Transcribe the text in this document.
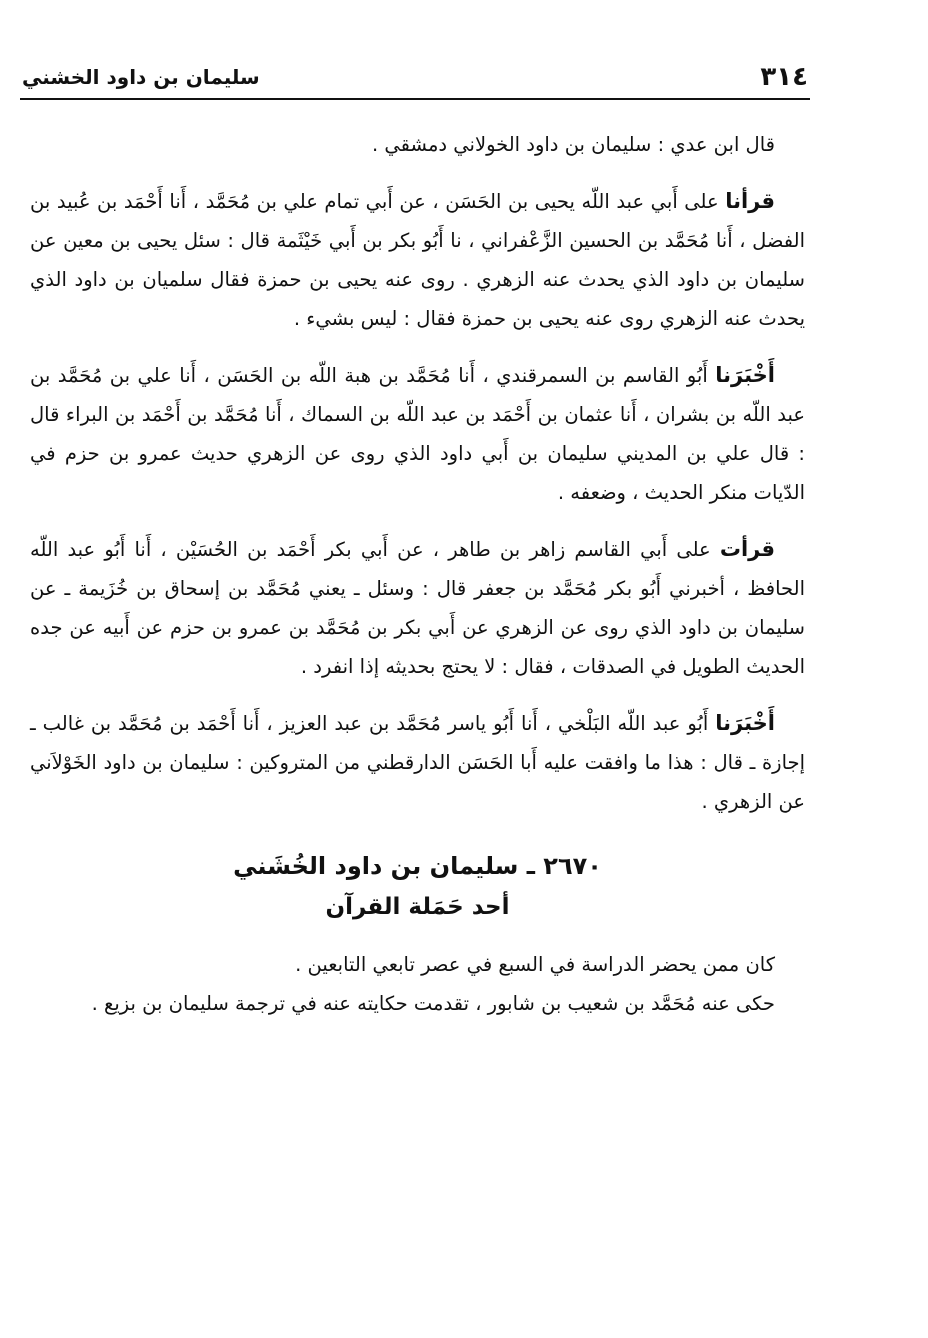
٣١٤
سليمان بن داود الخشني

قال ابن عدي : سليمان بن داود الخولاني دمشقي .

قرأنا على أَبي عبد اللّه يحيى بن الحَسَن ، عن أَبي تمام علي بن مُحَمَّد ، أَنا أَحْمَد بن عُبيد بن الفضل ، أَنا مُحَمَّد بن الحسين الزَّعْفراني ، نا أَبُو بكر بن أَبي خَيْثَمة قال : سئل يحيى بن معين عن سليمان بن داود الذي يحدث عنه الزهري . روى عنه يحيى بن حمزة فقال سلميان بن داود الذي يحدث عنه الزهري روى عنه يحيى بن حمزة فقال : ليس بشيء .

أَخْبَرَنا أَبُو القاسم بن السمرقندي ، أَنا مُحَمَّد بن هبة اللّه بن الحَسَن ، أَنا علي بن مُحَمَّد بن عبد اللّه بن بشران ، أَنا عثمان بن أَحْمَد بن عبد اللّه بن السماك ، أَنا مُحَمَّد بن أَحْمَد بن البراء قال : قال علي بن المديني سليمان بن أَبي داود الذي روى عن الزهري حديث عمرو بن حزم في الدّيات منكر الحديث ، وضعفه .

قرأت على أَبي القاسم زاهر بن طاهر ، عن أَبي بكر أَحْمَد بن الحُسَيْن ، أَنا أَبُو عبد اللّه الحافظ ، أخبرني أَبُو بكر مُحَمَّد بن جعفر قال : وسئل ـ يعني مُحَمَّد بن إسحاق بن خُزَيمة ـ عن سليمان بن داود الذي روى عن الزهري عن أَبي بكر بن مُحَمَّد بن عمرو بن حزم عن أَبيه عن جده الحديث الطويل في الصدقات ، فقال : لا يحتج بحديثه إذا انفرد .

أَخْبَرَنا أَبُو عبد اللّه البَلْخي ، أَنا أَبُو ياسر مُحَمَّد بن عبد العزيز ، أَنا أَحْمَد بن مُحَمَّد بن غالب ـ إجازة ـ قال : هذا ما وافقت عليه أَبا الحَسَن الدارقطني من المتروكين : سليمان بن داود الخَوْلاَني عن الزهري .

٢٦٧٠ ـ سليمان بن داود الخُشَني
أحد حَمَلة القرآن

كان ممن يحضر الدراسة في السبع في عصر تابعي التابعين .

حكى عنه مُحَمَّد بن شعيب بن شابور ، تقدمت حكايته عنه في ترجمة سليمان بن بزيع .
